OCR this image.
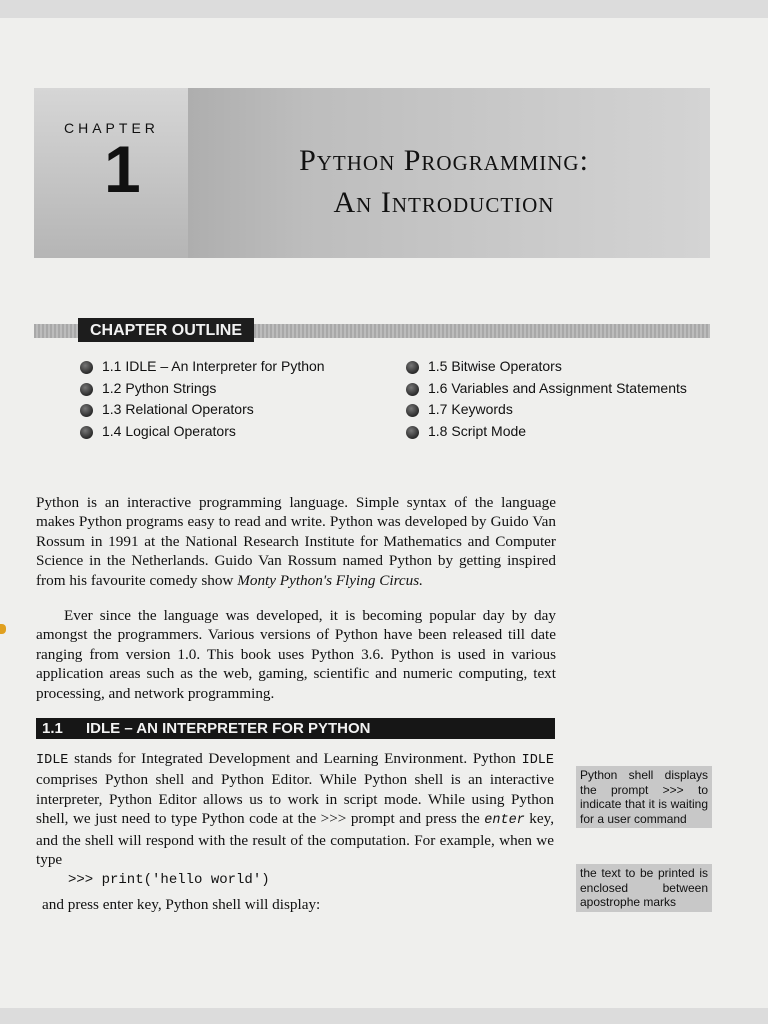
CHAPTER
1	Python Programming:
An Introduction
CHAPTER OUTLINE
1.1 IDLE – An Interpreter for Python
1.2 Python Strings
1.3 Relational Operators
1.4 Logical Operators
1.5 Bitwise Operators
1.6 Variables and Assignment Statements
1.7 Keywords
1.8 Script Mode

Python is an interactive programming language. Simple syntax of the language makes Python programs easy to read and write. Python was developed by Guido Van Rossum in 1991 at the National Research Institute for Mathematics and Computer Science in the Netherlands. Guido Van Rossum named Python by getting inspired from his favourite comedy show Monty Python's Flying Circus.

Ever since the language was developed, it is becoming popular day by day amongst the programmers. Various versions of Python have been released till date ranging from version 1.0. This book uses Python 3.6. Python is used in various application areas such as the web, gaming, scientific and numeric computing, text processing, and network programming.

1.1 IDLE – AN INTERPRETER FOR PYTHON

IDLE stands for Integrated Development and Learning Environment. Python IDLE comprises Python shell and Python Editor. While Python shell is an interactive interpreter, Python Editor allows us to work in script mode. While using Python shell, we just need to type Python code at the >>> prompt and press the enter key, and the shell will respond with the result of the computation. For example, when we type

>>> print('hello world')
and press enter key, Python shell will display:
Python shell displays the prompt >>> to indicate that it is waiting for a user command
the text to be printed is enclosed between apostrophe marks
